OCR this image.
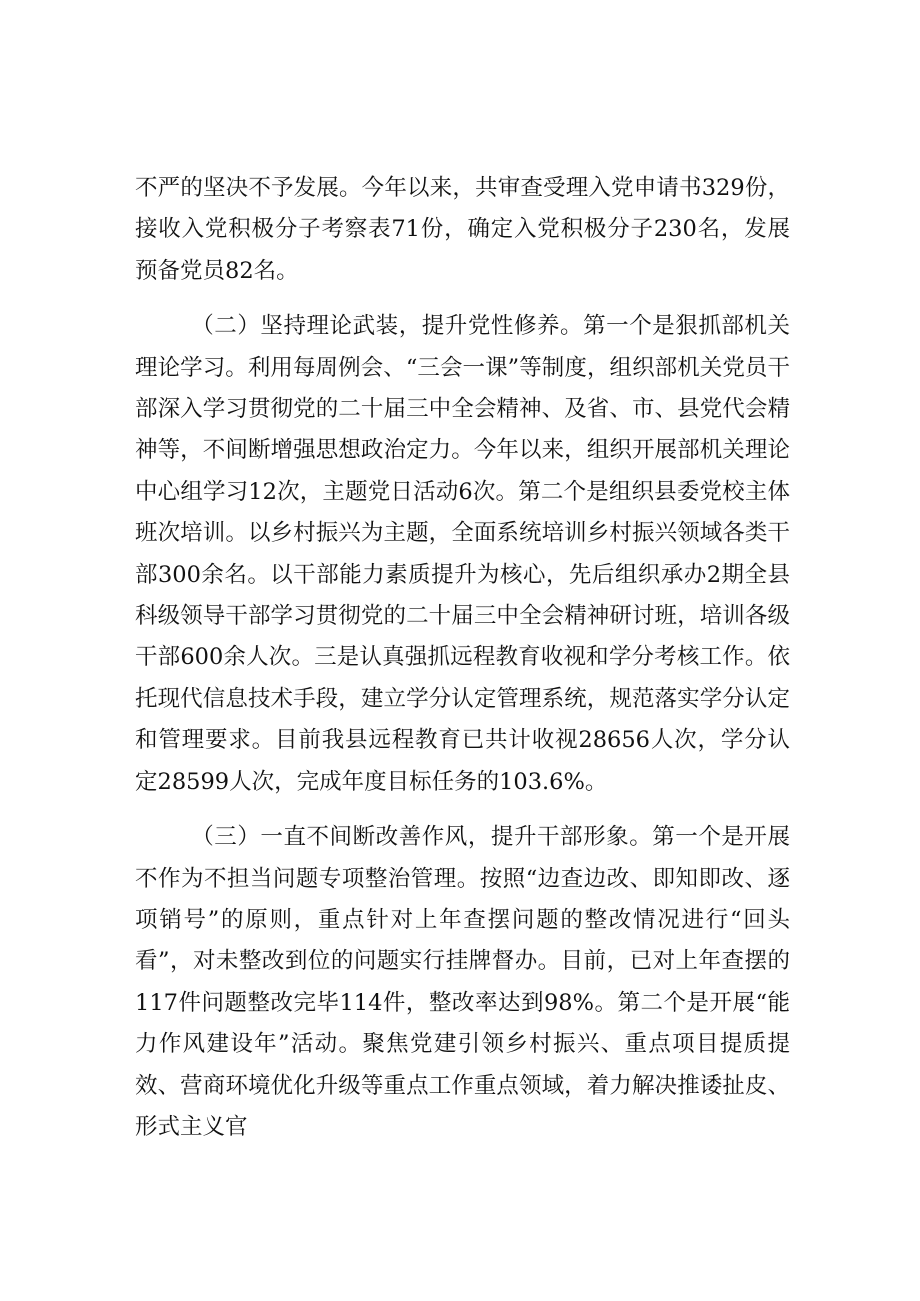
不严的坚决不予发展。今年以来，共审查受理入党申请书329份，接收入党积极分子考察表71份，确定入党积极分子230名，发展预备党员82名。

（二）坚持理论武装，提升党性修养。第一个是狠抓部机关理论学习。利用每周例会、“三会一课”等制度，组织部机关党员干部深入学习贯彻党的二十届三中全会精神、及省、市、县党代会精神等，不间断增强思想政治定力。今年以来，组织开展部机关理论中心组学习12次，主题党日活动6次。第二个是组织县委党校主体班次培训。以乡村振兴为主题，全面系统培训乡村振兴领域各类干部300余名。以干部能力素质提升为核心，先后组织承办2期全县科级领导干部学习贯彻党的二十届三中全会精神研讨班，培训各级干部600余人次。三是认真强抓远程教育收视和学分考核工作。依托现代信息技术手段，建立学分认定管理系统，规范落实学分认定和管理要求。目前我县远程教育已共计收视28656人次，学分认定28599人次，完成年度目标任务的103.6%。

（三）一直不间断改善作风，提升干部形象。第一个是开展不作为不担当问题专项整治管理。按照“边查边改、即知即改、逐项销号”的原则，重点针对上年查摆问题的整改情况进行“回头看”，对未整改到位的问题实行挂牌督办。目前，已对上年查摆的117件问题整改完毕114件，整改率达到98%。第二个是开展“能力作风建设年”活动。聚焦党建引领乡村振兴、重点项目提质提效、营商环境优化升级等重点工作重点领域，着力解决推诿扯皮、形式主义官
